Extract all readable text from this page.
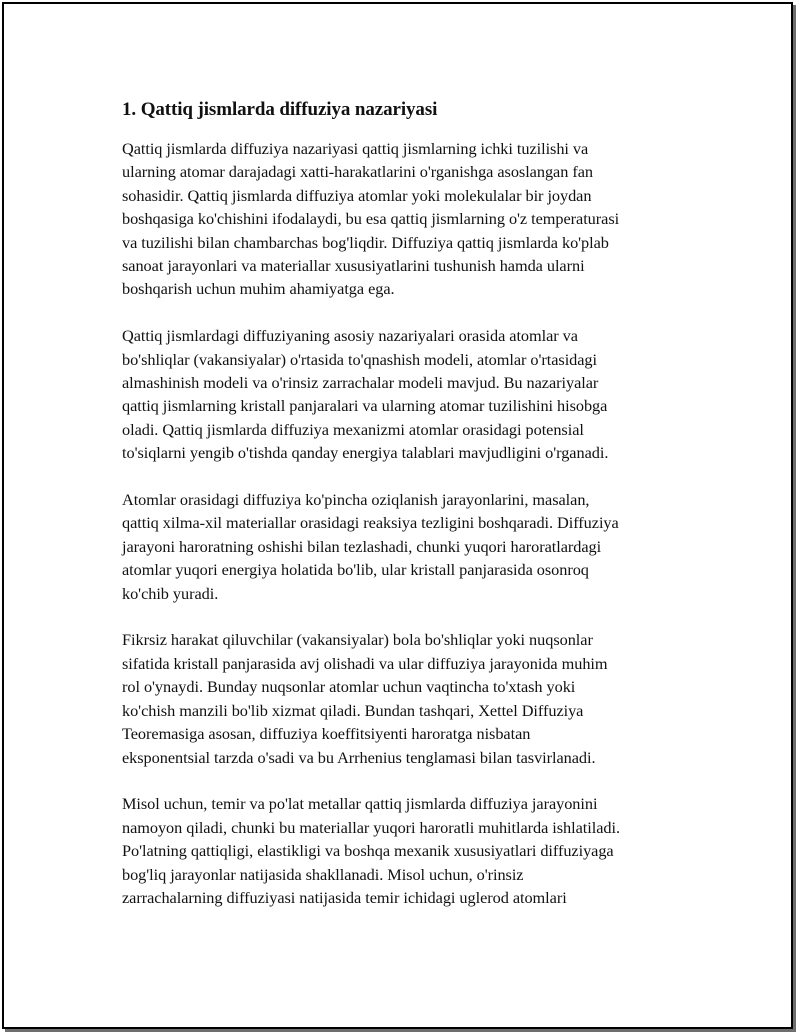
1. Qattiq jismlarda diffuziya nazariyasi

Qattiq jismlarda diffuziya nazariyasi qattiq jismlarning ichki tuzilishi va
ularning atomar darajadagi xatti-harakatlarini o'rganishga asoslangan fan
sohasidir. Qattiq jismlarda diffuziya atomlar yoki molekulalar bir joydan
boshqasiga ko'chishini ifodalaydi, bu esa qattiq jismlarning o'z temperaturasi
va tuzilishi bilan chambarchas bog'liqdir. Diffuziya qattiq jismlarda ko'plab
sanoat jarayonlari va materiallar xususiyatlarini tushunish hamda ularni
boshqarish uchun muhim ahamiyatga ega.

Qattiq jismlardagi diffuziyaning asosiy nazariyalari orasida atomlar va
bo'shliqlar (vakansiyalar) o'rtasida to'qnashish modeli, atomlar o'rtasidagi
almashinish modeli va o'rinsiz zarrachalar modeli mavjud. Bu nazariyalar
qattiq jismlarning kristall panjaralari va ularning atomar tuzilishini hisobga
oladi. Qattiq jismlarda diffuziya mexanizmi atomlar orasidagi potensial
to'siqlarni yengib o'tishda qanday energiya talablari mavjudligini o'rganadi.

Atomlar orasidagi diffuziya ko'pincha oziqlanish jarayonlarini, masalan,
qattiq xilma-xil materiallar orasidagi reaksiya tezligini boshqaradi. Diffuziya
jarayoni haroratning oshishi bilan tezlashadi, chunki yuqori haroratlardagi
atomlar yuqori energiya holatida bo'lib, ular kristall panjarasida osonroq
ko'chib yuradi.

Fikrsiz harakat qiluvchilar (vakansiyalar) bola bo'shliqlar yoki nuqsonlar
sifatida kristall panjarasida avj olishadi va ular diffuziya jarayonida muhim
rol o'ynaydi. Bunday nuqsonlar atomlar uchun vaqtincha to'xtash yoki
ko'chish manzili bo'lib xizmat qiladi. Bundan tashqari, Xettel Diffuziya
Teoremasiga asosan, diffuziya koeffitsiyenti haroratga nisbatan
eksponentsial tarzda o'sadi va bu Arrhenius tenglamasi bilan tasvirlanadi.

Misol uchun, temir va po'lat metallar qattiq jismlarda diffuziya jarayonini
namoyon qiladi, chunki bu materiallar yuqori haroratli muhitlarda ishlatiladi.
Po'latning qattiqligi, elastikligi va boshqa mexanik xususiyatlari diffuziyaga
bog'liq jarayonlar natijasida shakllanadi. Misol uchun, o'rinsiz
zarrachalarning diffuziyasi natijasida temir ichidagi uglerod atomlari
